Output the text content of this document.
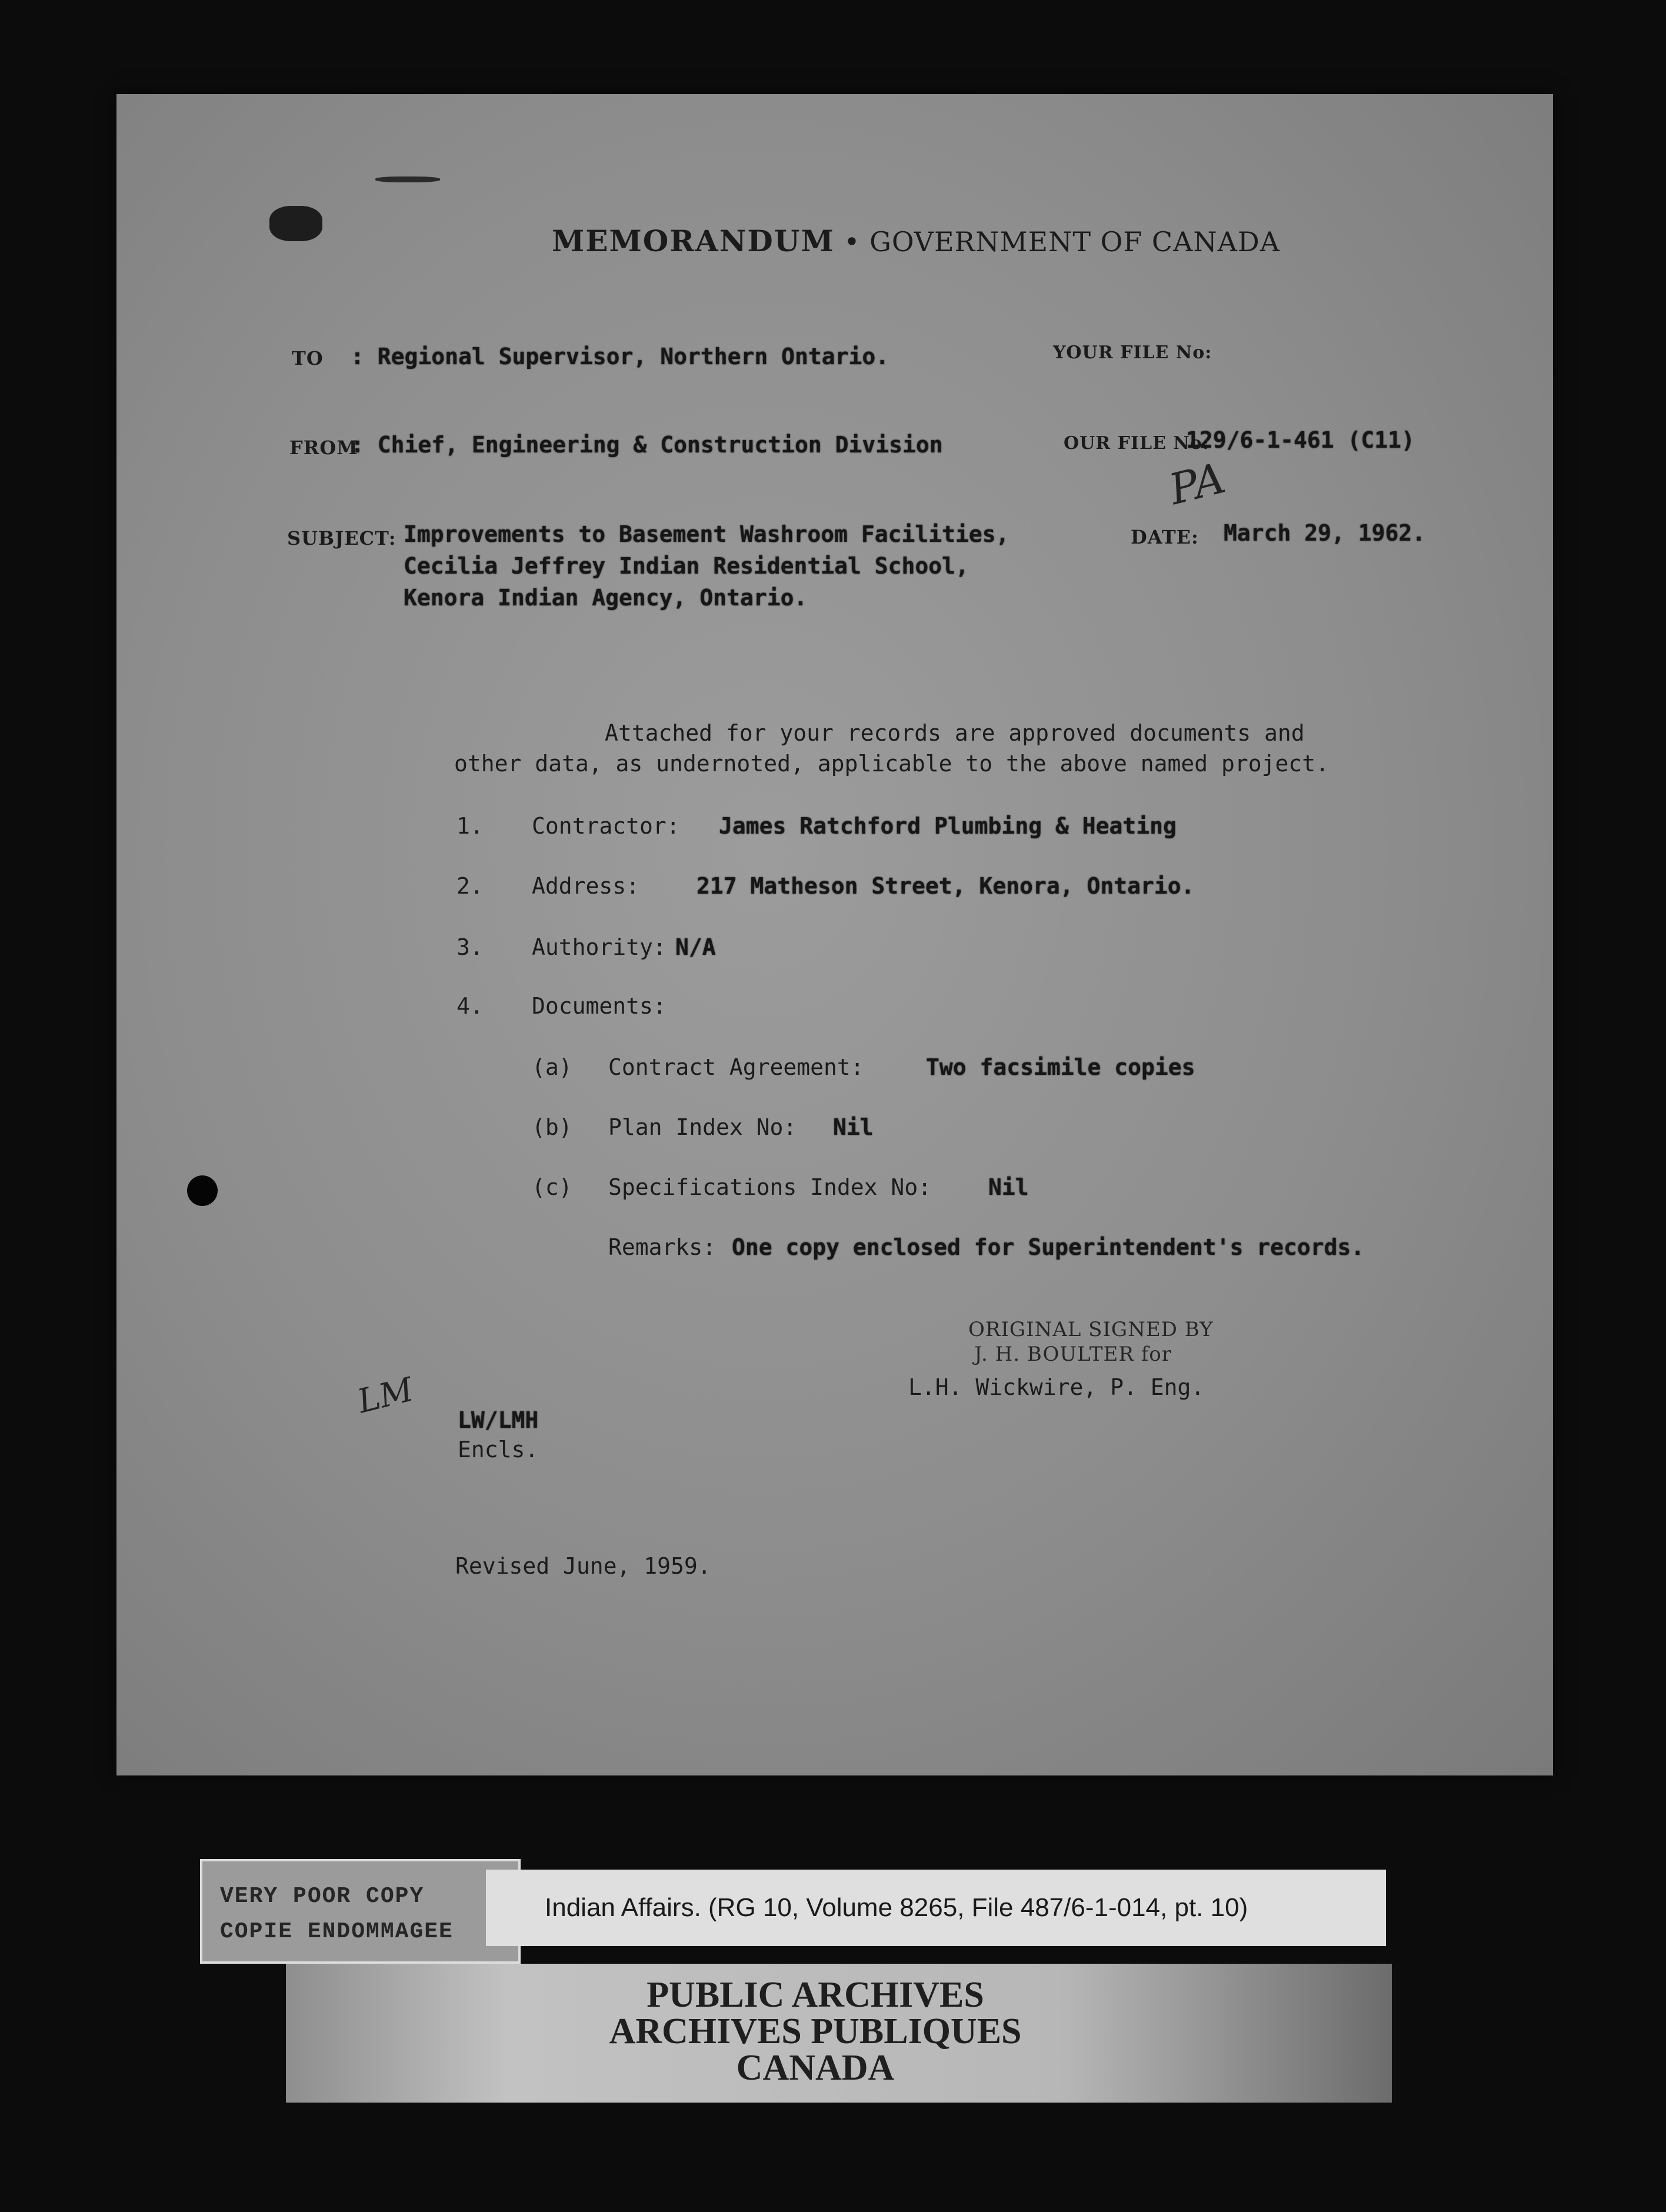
MEMORANDUM • GOVERNMENT OF CANADA
TO : Regional Supervisor, Northern Ontario.	YOUR FILE No:
FROM
: Chief, Engineering & Construction Division	OUR FILE No:
129/6-1-461 (C11)
PA
SUBJECT: Improvements to Basement Washroom Facilities,
Cecilia Jeffrey Indian Residential School,
Kenora Indian Agency, Ontario.
DATE: March 29, 1962.
Attached for your records are approved documents and
other data, as undernoted, applicable to the above named project.
1. Contractor: James Ratchford Plumbing & Heating
2. Address:	217 Matheson Street, Kenora, Ontario.
3. Authority: N/A
4. Documents:
(a) Contract Agreement:	Two facsimile copies
(b) Plan Index No: Nil
(c) Specifications Index No:	Nil
Remarks: One copy enclosed for Superintendent's records.
ORIGINAL SIGNED BY
J. H. BOULTER for
L.H. Wickwire, P. Eng.
LM LW/LMH
Encls.
Revised June, 1959.
PUBLIC ARCHIVES
ARCHIVES PUBLIQUES
CANADA
VERY POOR COPY
COPIE ENDOMMAGEE
Indian Affairs. (RG 10, Volume 8265, File 487/6-1-014, pt. 10)
